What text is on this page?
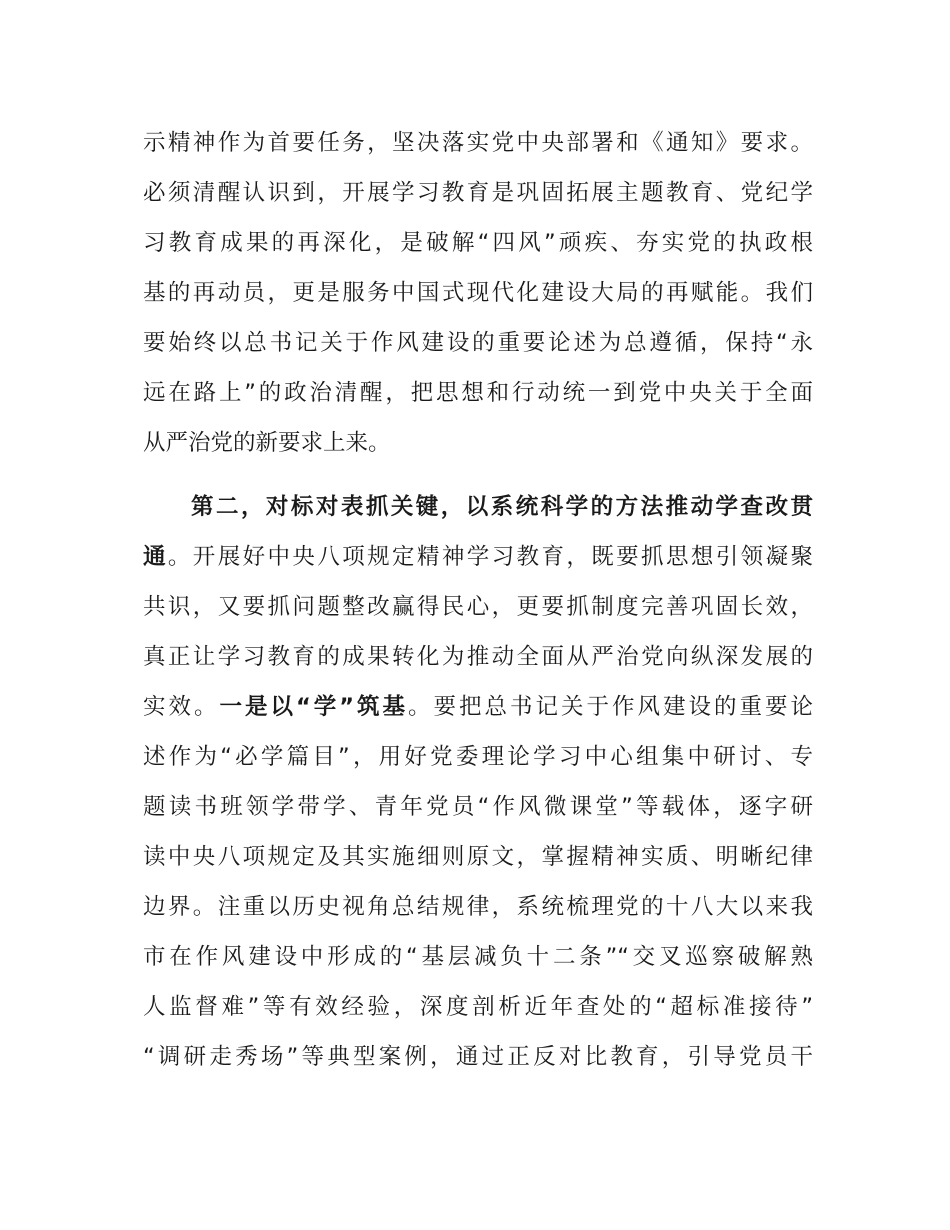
示精神作为首要任务，坚决落实党中央部署和《通知》要求。
必须清醒认识到，开展学习教育是巩固拓展主题教育、党纪学
习教育成果的再深化，是破解“四风”顽疾、夯实党的执政根
基的再动员，更是服务中国式现代化建设大局的再赋能。我们
要始终以总书记关于作风建设的重要论述为总遵循，保持“永
远在路上”的政治清醒，把思想和行动统一到党中央关于全面
从严治党的新要求上来。
第二，对标对表抓关键，以系统科学的方法推动学查改贯
通。开展好中央八项规定精神学习教育，既要抓思想引领凝聚
共识，又要抓问题整改赢得民心，更要抓制度完善巩固长效，
真正让学习教育的成果转化为推动全面从严治党向纵深发展的
实效。一是以“学”筑基。要把总书记关于作风建设的重要论
述作为“必学篇目”，用好党委理论学习中心组集中研讨、专
题读书班领学带学、青年党员“作风微课堂”等载体，逐字研
读中央八项规定及其实施细则原文，掌握精神实质、明晰纪律
边界。注重以历史视角总结规律，系统梳理党的十八大以来我
市在作风建设中形成的“基层减负十二条”“交叉巡察破解熟
人监督难”等有效经验，深度剖析近年查处的“超标准接待”
“调研走秀场”等典型案例，通过正反对比教育，引导党员干
